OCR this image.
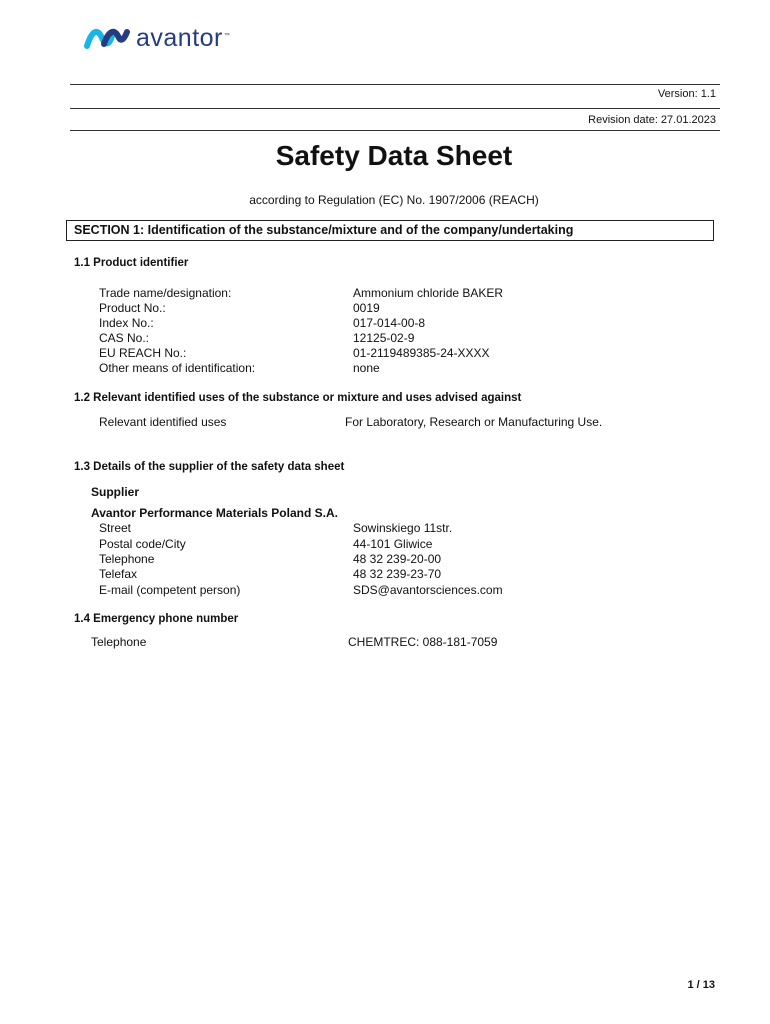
avantor ™
Version: 1.1
Revision date: 27.01.2023
Safety Data Sheet
according to Regulation (EC) No. 1907/2006 (REACH)
SECTION 1: Identification of the substance/mixture and of the company/undertaking
1.1 Product identifier
Trade name/designation:	Ammonium chloride BAKER
Product No.:	0019
Index No.:	017-014-00-8
CAS No.:	12125-02-9
EU REACH No.:	01-2119489385-24-XXXX
Other means of identification:	none
1.2 Relevant identified uses of the substance or mixture and uses advised against
Relevant identified uses	For Laboratory, Research or Manufacturing Use.
1.3 Details of the supplier of the safety data sheet
Supplier
Avantor Performance Materials Poland S.A.
Street	Sowinskiego 11str.
Postal code/City	44-101 Gliwice
Telephone	48 32 239-20-00
Telefax	48 32 239-23-70
E-mail (competent person)	SDS@avantorsciences.com
1.4 Emergency phone number
Telephone	CHEMTREC: 088-181-7059
1 / 13
